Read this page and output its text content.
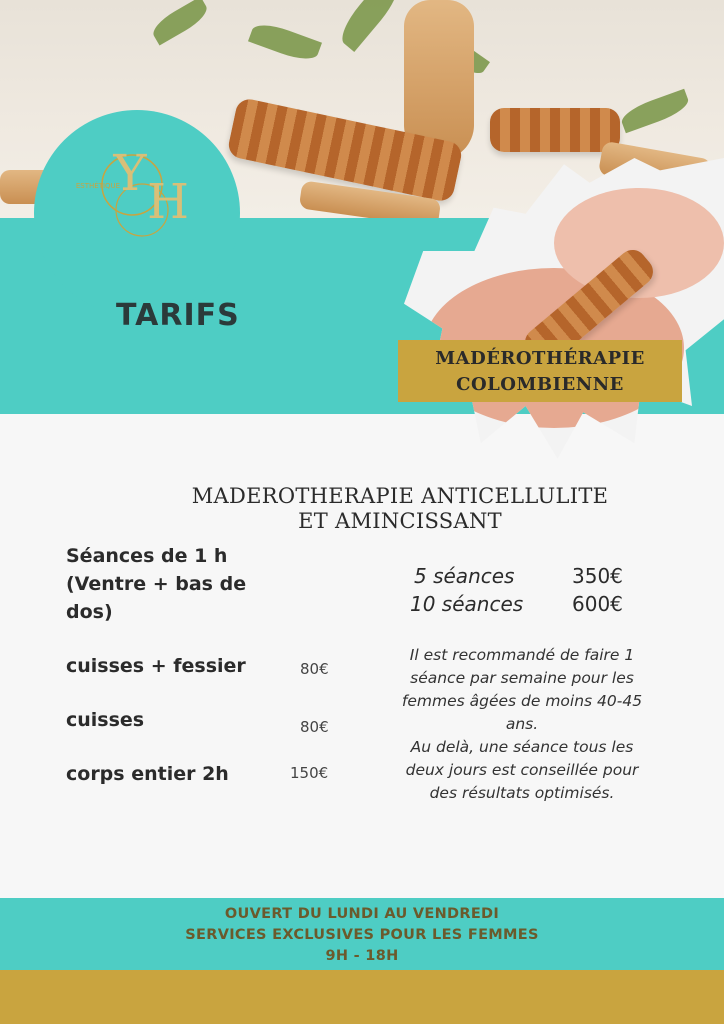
Y H
ESTHÉTIQUE
TARIFS
MADÉROTHÉRAPIE
COLOMBIENNE
MADEROTHERAPIE ANTICELLULITE
ET AMINCISSANT
Séances de 1 h
(Ventre + bas de
dos)
5 séances	350€
10 séances 600€
cuisses + fessier	80€
cuisses	80€
corps entier 2h	150€
Il est recommandé de faire 1
séance par semaine pour les
femmes âgées de moins 40-45
ans.
Au delà, une séance tous les
deux jours est conseillée pour
des résultats optimisés.
OUVERT DU LUNDI AU VENDREDI
SERVICES EXCLUSIVES POUR LES FEMMES
9H - 18H
